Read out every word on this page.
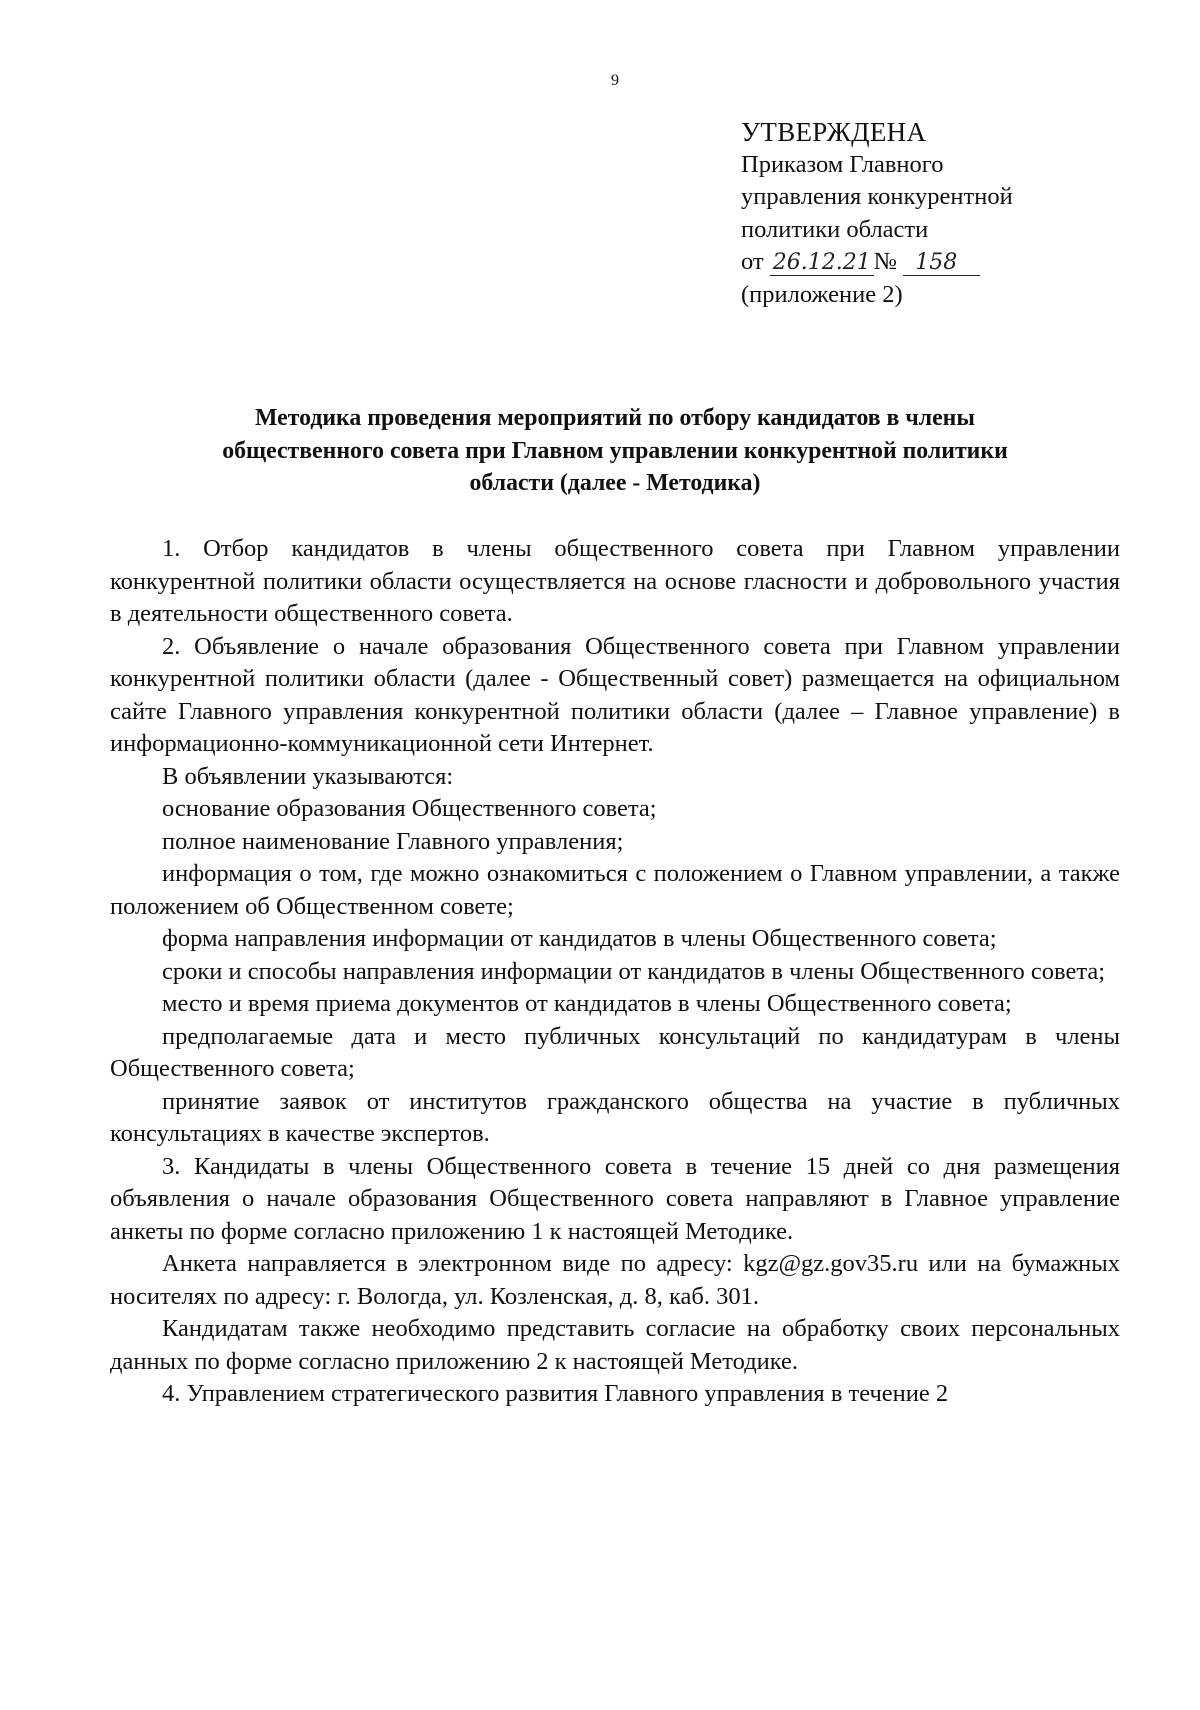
9
УТВЕРЖДЕНА
Приказом Главного
управления конкурентной
политики области
от 26.12.21 № 158
(приложение 2)
Методика проведения мероприятий по отбору кандидатов в члены
общественного совета при Главном управлении конкурентной политики
области (далее - Методика)

1. Отбор кандидатов в члены общественного совета при Главном управлении конкурентной политики области осуществляется на основе гласности и добровольного участия в деятельности общественного совета.

2. Объявление о начале образования Общественного совета при Главном управлении конкурентной политики области (далее - Общественный совет) размещается на официальном сайте Главного управления конкурентной политики области (далее – Главное управление) в информационно-коммуникационной сети Интернет.

В объявлении указываются:

основание образования Общественного совета;

полное наименование Главного управления;

информация о том, где можно ознакомиться с положением о Главном управлении, а также положением об Общественном совете;

форма направления информации от кандидатов в члены Общественного совета;

сроки и способы направления информации от кандидатов в члены Общественного совета;

место и время приема документов от кандидатов в члены Общественного совета;

предполагаемые дата и место публичных консультаций по кандидатурам в члены Общественного совета;

принятие заявок от институтов гражданского общества на участие в публичных консультациях в качестве экспертов.

3. Кандидаты в члены Общественного совета в течение 15 дней со дня размещения объявления о начале образования Общественного совета направляют в Главное управление анкеты по форме согласно приложению 1 к настоящей Методике.

Анкета направляется в электронном виде по адресу: kgz@gz.gov35.ru или на бумажных носителях по адресу: г. Вологда, ул. Козленская, д. 8, каб. 301.

Кандидатам также необходимо представить согласие на обработку своих персональных данных по форме согласно приложению 2 к настоящей Методике.

4. Управлением стратегического развития Главного управления в течение 2
